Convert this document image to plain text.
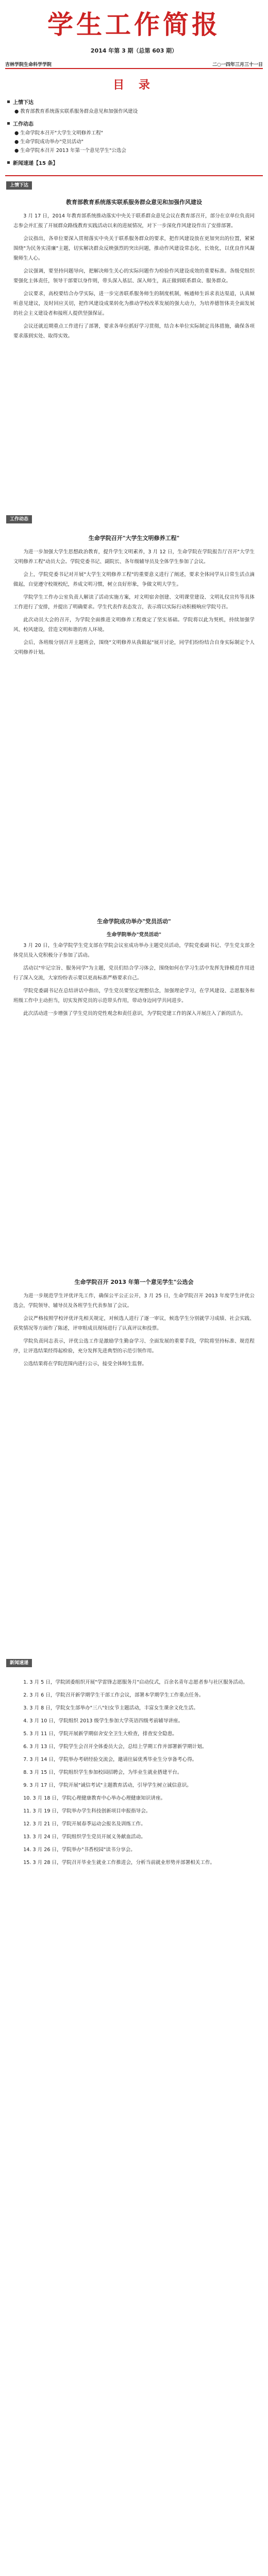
学生工作简报
2014 年第 3 期（总第 603 期）
吉林学院生命科学学院	二○一四年三月三十一日
目 录
上情下达
● 教育部教育系统落实联系服务群众意见和加强作风建设
工作动态
● 生命学院本召开"大学生文明修养工程"
● 生命学院成功举办"党员活动"
● 生命学院本召开 2013 年第一个意见学生"公选会
新闻速递【15 条】
上情下达
教育部教育系统落实联系服务群众意见和加强作风建设

3 月 17 日，2014 年教育部系统推动落实中央关于联系群众意见会议在教育部召开，部分在京单位负责同志参会并汇报了开展群众路线教育实践活动以来的进展情况，对下一步深化作风建设作出了安排部署。

会议指出，各单位要深入贯彻落实中央关于联系服务群众的要求，把作风建设放在更加突出的位置，紧紧围绕"为民务实清廉"主题，切实解决群众反映强烈的突出问题，推动作风建设常态化、长效化，以优良作风凝聚师生人心。

会议强调，要坚持问题导向，把解决师生关心的实际问题作为检验作风建设成效的重要标准。各级党组织要强化主体责任，领导干部要以身作则，带头深入基层、深入师生，真正做到联系群众、服务群众。

会议要求，高校要结合办学实际，进一步完善联系服务师生的制度机制，畅通师生诉求表达渠道，认真倾听意见建议，及时回应关切，把作风建设成果转化为推动学校改革发展的强大动力，为培养德智体美全面发展的社会主义建设者和接班人提供坚强保证。

会议还就近期重点工作进行了部署，要求各单位抓好学习贯彻，结合本单位实际制定具体措施，确保各项要求落到实处、取得实效。

工作动态
生命学院召开"大学生文明修养工程"

为进一步加强大学生思想政治教育，提升学生文明素养，3 月 12 日，生命学院在学院报告厅召开"大学生文明修养工程"动员大会。学院党委书记、副院长、各年级辅导员及全体学生参加了会议。

会上，学院党委书记对开展"大学生文明修养工程"的重要意义进行了阐述，要求全体同学从日常生活点滴做起，自觉遵守校规校纪，养成文明习惯，树立良好形象，争做文明大学生。

学院学生工作办公室负责人解读了活动实施方案，对文明宿舍创建、文明课堂建设、文明礼仪宣传等具体工作进行了安排，并提出了明确要求。学生代表作表态发言，表示将以实际行动积极响应学院号召。

此次动员大会的召开，为学院全面推进文明修养工程奠定了坚实基础。学院将以此为契机，持续加强学风、校风建设，营造文明和谐的育人环境。

会后，各班级分别召开主题班会，围绕"文明修养从我做起"展开讨论，同学们纷纷结合自身实际制定个人文明修养计划。

生命学院成功举办"党员活动"

生命学院举办"党员活动"

3 月 20 日，生命学院学生党支部在学院会议室成功举办主题党员活动，学院党委副书记、学生党支部全体党员及入党积极分子参加了活动。

活动以"牢记宗旨、服务同学"为主题，党员们结合学习体会，围绕如何在学习生活中发挥先锋模范作用进行了深入交流，大家纷纷表示要以更高标准严格要求自己。

学院党委副书记在总结讲话中指出，学生党员要坚定理想信念，加强理论学习，在学风建设、志愿服务和班级工作中主动担当，切实发挥党员的示范带头作用，带动身边同学共同进步。

此次活动进一步增强了学生党员的党性观念和责任意识，为学院党建工作的深入开展注入了新的活力。

生命学院召开 2013 年第一个意见学生"公选会

为进一步规范学生评优评先工作，确保公平公正公开，3 月 25 日，生命学院召开 2013 年度学生评优公选会，学院领导、辅导员及各班学生代表参加了会议。

会议严格按照学校评优评先相关规定，对候选人进行了逐一审议，候选学生分别就学习成绩、社会实践、获奖情况等方面作了陈述，评审组成员现场进行了认真评议和投票。

学院负责同志表示，评优公选工作是激励学生勤奋学习、全面发展的重要手段，学院将坚持标准、规范程序，让评选结果经得起检验，充分发挥先进典型的示范引领作用。

公选结果将在学院范围内进行公示，接受全体师生监督。

新闻速递

1. 3 月 5 日，学院团委组织开展"学雷锋志愿服务月"启动仪式，百余名青年志愿者参与社区服务活动。

2. 3 月 6 日，学院召开新学期学生干部工作会议，部署本学期学生工作重点任务。

3. 3 月 8 日，学院女生部举办"三八"妇女节主题活动，丰富女生课余文化生活。

4. 3 月 10 日，学院组织 2013 级学生参加大学英语四级考前辅导讲座。

5. 3 月 11 日，学院开展新学期宿舍安全卫生大检查，排查安全隐患。

6. 3 月 13 日，学院学生会召开全体委员大会，总结上学期工作并部署新学期计划。

7. 3 月 14 日，学院举办考研经验交流会，邀请往届优秀毕业生分享备考心得。

8. 3 月 15 日，学院组织学生参加校园招聘会，为毕业生就业搭建平台。

9. 3 月 17 日，学院开展"诚信考试"主题教育活动，引导学生树立诚信意识。

10. 3 月 18 日，学院心理健康教育中心举办心理健康知识讲座。

11. 3 月 19 日，学院举办学生科技创新项目申报指导会。

12. 3 月 21 日，学院开展春季运动会报名及训练工作。

13. 3 月 24 日，学院组织学生党员开展义务献血活动。

14. 3 月 26 日，学院举办"书香校园"读书分享会。

15. 3 月 28 日，学院召开毕业生就业工作推进会，分析当前就业形势并部署相关工作。
